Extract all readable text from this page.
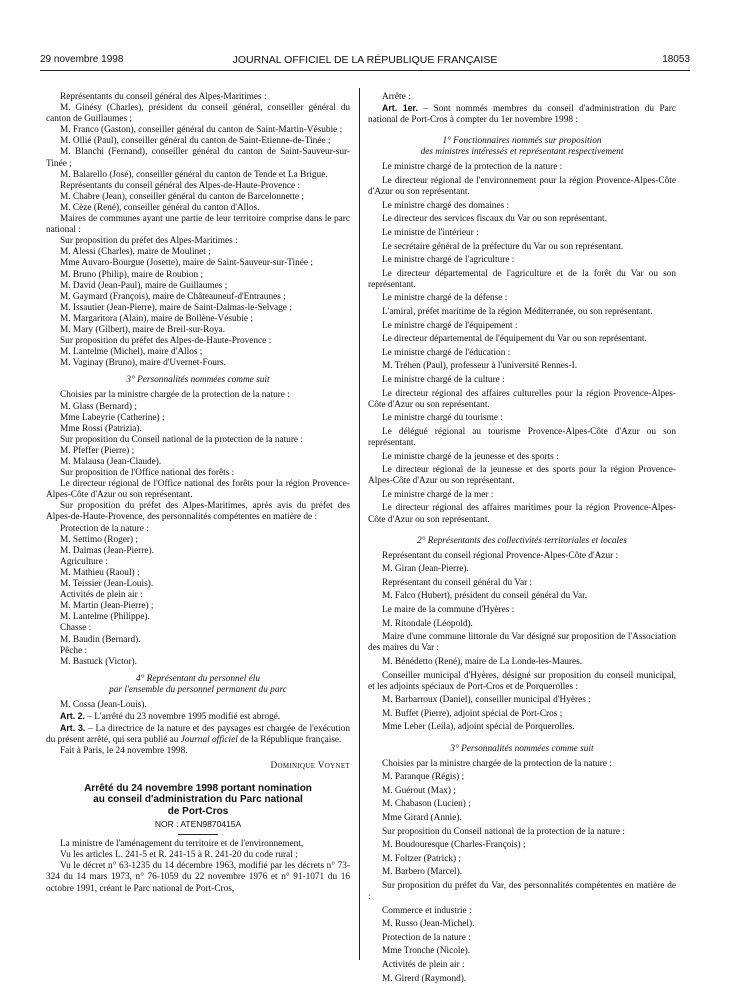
29 novembre 1998	JOURNAL OFFICIEL DE LA RÉPUBLIQUE FRANÇAISE	18053

Représentants du conseil général des Alpes-Maritimes :

M. Ginésy (Charles), président du conseil général, conseiller général du canton de Guillaumes ;

M. Franco (Gaston), conseiller général du canton de Saint-Martin-Vésubie ;

M. Ollié (Paul), conseiller général du canton de Saint-Etienne-de-Tinée ;

M. Blanchi (Fernand), conseiller général du canton de Saint-Sauveur-sur-Tinée ;

M. Balarello (José), conseiller général du canton de Tende et La Brigue.

Représentants du conseil général des Alpes-de-Haute-Provence :

M. Chabre (Jean), conseiller général du canton de Barcelonnette ;

M. Cèze (René), conseiller général du canton d'Allos.

Maires de communes ayant une partie de leur territoire comprise dans le parc national :

Sur proposition du préfet des Alpes-Maritimes :

M. Alessi (Charles), maire de Moulinet ;

Mme Auvaro-Bourgue (Josette), maire de Saint-Sauveur-sur-Tinée ;

M. Bruno (Philip), maire de Roubion ;

M. David (Jean-Paul), maire de Guillaumes ;

M. Gaymard (François), maire de Châteauneuf-d'Entraunes ;

M. Issautier (Jean-Pierre), maire de Saint-Dalmas-le-Selvage ;

M. Margaritora (Alain), maire de Bollène-Vésubie ;

M. Mary (Gilbert), maire de Breil-sur-Roya.

Sur proposition du préfet des Alpes-de-Haute-Provence :

M. Lantelme (Michel), maire d'Allos ;

M. Vaginay (Bruno), maire d'Uvernet-Fours.

3° Personnalités nommées comme suit

Choisies par la ministre chargée de la protection de la nature :

M. Glass (Bernard) ;

Mme Labeyrie (Catherine) ;

Mme Rossi (Patrizia).

Sur proposition du Conseil national de la protection de la nature :

M. Pfeffer (Pierre) ;

M. Malausa (Jean-Claude).

Sur proposition de l'Office national des forêts :

Le directeur régional de l'Office national des forêts pour la région Provence-Alpes-Côte d'Azur ou son représentant.

Sur proposition du préfet des Alpes-Maritimes, après avis du préfet des Alpes-de-Haute-Provence, des personnalités compétentes en matière de :

Protection de la nature :

M. Settimo (Roger) ;

M. Dalmas (Jean-Pierre).

Agriculture :

M. Mathieu (Raoul) ;

M. Teissier (Jean-Louis).

Activités de plein air :

M. Martin (Jean-Pierre) ;

M. Lantelme (Philippe).

Chasse :

M. Baudin (Bernard).

Pêche :

M. Bastuck (Victor).

4° Représentant du personnel élu
par l'ensemble du personnel permanent du parc

M. Cossa (Jean-Louis).

Art. 2. – L'arrêté du 23 novembre 1995 modifié est abrogé.

Art. 3. – La directrice de la nature et des paysages est chargée de l'exécution du présent arrêté, qui sera publié au Journal officiel de la République française.

Fait à Paris, le 24 novembre 1998.

Dominique Voynet

Arrêté du 24 novembre 1998 portant nomination
au conseil d'administration du Parc national
de Port-Cros
NOR : ATEN9870415A

La ministre de l'aménagement du territoire et de l'environnement,

Vu les articles L. 241-5 et R. 241-15 à R. 241-20 du code rural ;

Vu le décret n° 63-1235 du 14 décembre 1963, modifié par les décrets n° 73-324 du 14 mars 1973, n° 76-1059 du 22 novembre 1976 et n° 91-1071 du 16 octobre 1991, créant le Parc national de Port-Cros,

Arrête :

Art. 1er. – Sont nommés membres du conseil d'administration du Parc national de Port-Cros à compter du 1er novembre 1998 :

1° Fonctionnaires nommés sur proposition
des ministres intéressés et représentant respectivement

Le ministre chargé de la protection de la nature :

Le directeur régional de l'environnement pour la région Provence-Alpes-Côte d'Azur ou son représentant.

Le ministre chargé des domaines :

Le directeur des services fiscaux du Var ou son représentant.

Le ministre de l'intérieur :

Le secrétaire général de la préfecture du Var ou son représentant.

Le ministre chargé de l'agriculture :

Le directeur départemental de l'agriculture et de la forêt du Var ou son représentant.

Le ministre chargé de la défense :

L'amiral, préfet maritime de la région Méditerranée, ou son représentant.

Le ministre chargé de l'équipement :

Le directeur départemental de l'équipement du Var ou son représentant.

Le ministre chargé de l'éducation :

M. Tréhen (Paul), professeur à l'université Rennes-I.

Le ministre chargé de la culture :

Le directeur régional des affaires culturelles pour la région Provence-Alpes-Côte d'Azur ou son représentant.

Le ministre chargé du tourisme :

Le délégué régional au tourisme Provence-Alpes-Côte d'Azur ou son représentant.

Le ministre chargé de la jeunesse et des sports :

Le directeur régional de la jeunesse et des sports pour la région Provence-Alpes-Côte d'Azur ou son représentant.

Le ministre chargé de la mer :

Le directeur régional des affaires maritimes pour la région Provence-Alpes-Côte d'Azur ou son représentant.

2° Représentants des collectivités territoriales et locales

Représentant du conseil régional Provence-Alpes-Côte d'Azur :

M. Giran (Jean-Pierre).

Représentant du conseil général du Var :

M. Falco (Hubert), président du conseil général du Var.

Le maire de la commune d'Hyères :

M. Ritondale (Léopold).

Maire d'une commune littorale du Var désigné sur proposition de l'Association des maires du Var :

M. Bénédetto (René), maire de La Londe-les-Maures.

Conseiller municipal d'Hyères, désigné sur proposition du conseil municipal, et les adjoints spéciaux de Port-Cros et de Porquerolles :

M. Barbarroux (Daniel), conseiller municipal d'Hyères ;

M. Buffet (Pierre), adjoint spécial de Port-Cros ;

Mme Leber (Leila), adjoint spécial de Porquerolles.

3° Personnalités nommées comme suit

Choisies par la ministre chargée de la protection de la nature :

M. Paranque (Régis) ;

M. Guérout (Max) ;

M. Chabason (Lucien) ;

Mme Girard (Annie).

Sur proposition du Conseil national de la protection de la nature :

M. Boudouresque (Charles-François) ;

M. Foltzer (Patrick) ;

M. Barbero (Marcel).

Sur proposition du préfet du Var, des personnalités compétentes en matière de :

Commerce et industrie :

M. Russo (Jean-Michel).

Protection de la nature :

Mme Tronche (Nicole).

Activités de plein air :

M. Girerd (Raymond).
